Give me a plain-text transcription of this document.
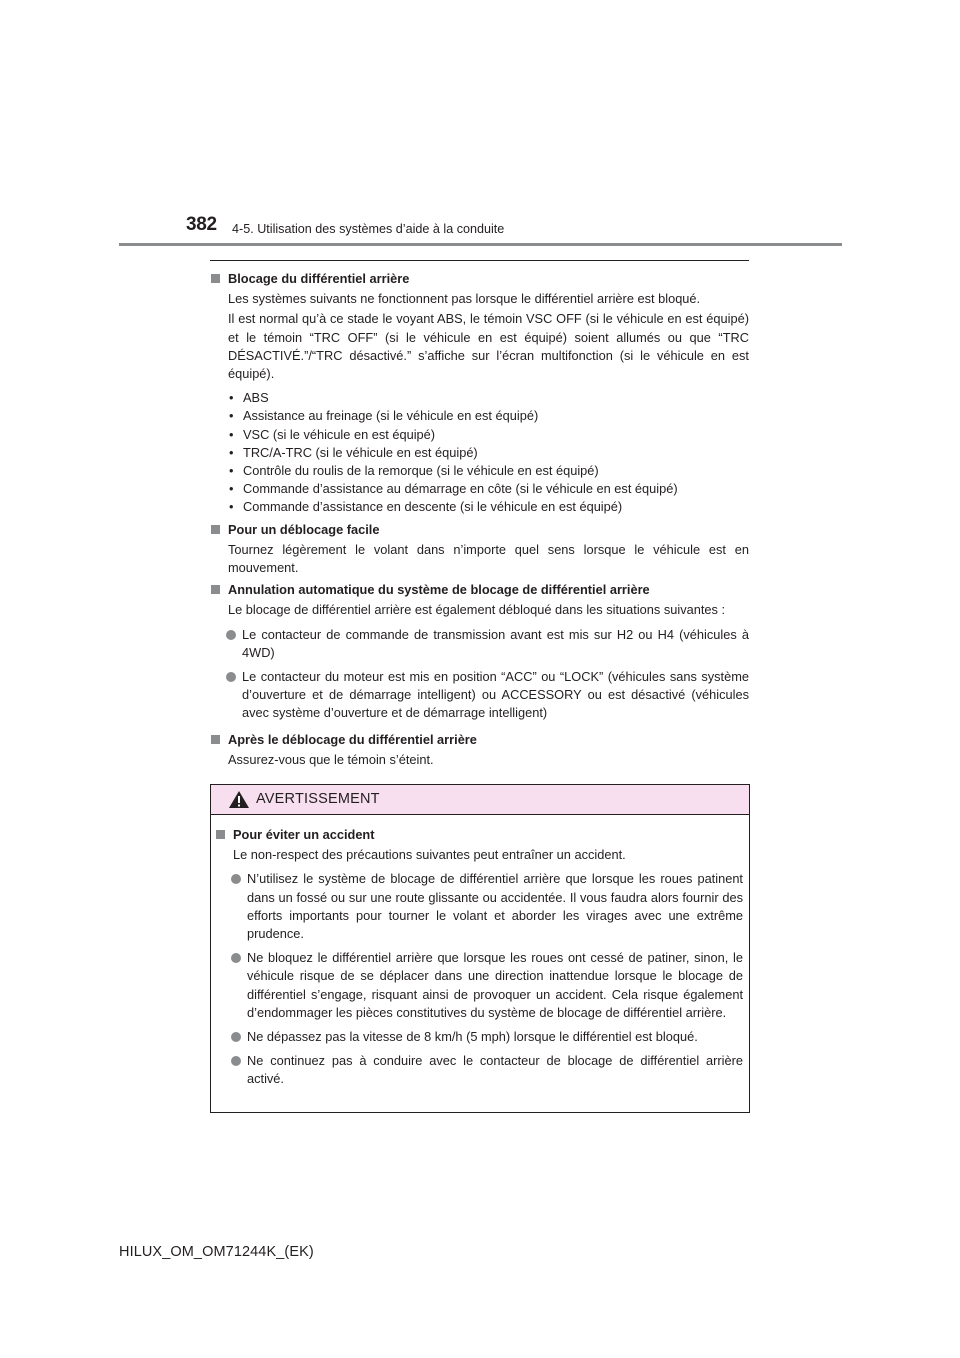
382 4-5. Utilisation des systèmes d’aide à la conduite
Blocage du différentiel arrière
Les systèmes suivants ne fonctionnent pas lorsque le différentiel arrière est bloqué.
Il est normal qu’à ce stade le voyant ABS, le témoin VSC OFF (si le véhicule en est équipé) et le témoin “TRC OFF” (si le véhicule en est équipé) soient allumés ou que “TRC DÉSACTIVÉ.”/“TRC désactivé.” s’affiche sur l’écran multifonction (si le véhicule en est équipé).
• ABS
• Assistance au freinage (si le véhicule en est équipé)
• VSC (si le véhicule en est équipé)
• TRC/A-TRC (si le véhicule en est équipé)
• Contrôle du roulis de la remorque (si le véhicule en est équipé)
• Commande d’assistance au démarrage en côte (si le véhicule en est équipé)
• Commande d’assistance en descente (si le véhicule en est équipé)
Pour un déblocage facile
Tournez légèrement le volant dans n’importe quel sens lorsque le véhicule est en mouvement.
Annulation automatique du système de blocage de différentiel arrière
Le blocage de différentiel arrière est également débloqué dans les situations suivantes :
Le contacteur de commande de transmission avant est mis sur H2 ou H4 (véhicules à 4WD)
Le contacteur du moteur est mis en position “ACC” ou “LOCK” (véhicules sans système d’ouverture et de démarrage intelligent) ou ACCESSORY ou est désactivé (véhicules avec système d’ouverture et de démarrage intelligent)
Après le déblocage du différentiel arrière
Assurez-vous que le témoin s’éteint.
AVERTISSEMENT
Pour éviter un accident
Le non-respect des précautions suivantes peut entraîner un accident.
N’utilisez le système de blocage de différentiel arrière que lorsque les roues patinent dans un fossé ou sur une route glissante ou accidentée. Il vous faudra alors fournir des efforts importants pour tourner le volant et aborder les virages avec une extrême prudence.
Ne bloquez le différentiel arrière que lorsque les roues ont cessé de patiner, sinon, le véhicule risque de se déplacer dans une direction inattendue lorsque le blocage de différentiel s’engage, risquant ainsi de provoquer un accident. Cela risque également d’endommager les pièces constitutives du système de blocage de différentiel arrière.
Ne dépassez pas la vitesse de 8 km/h (5 mph) lorsque le différentiel est bloqué.
Ne continuez pas à conduire avec le contacteur de blocage de différentiel arrière activé.
HILUX_OM_OM71244K_(EK)
